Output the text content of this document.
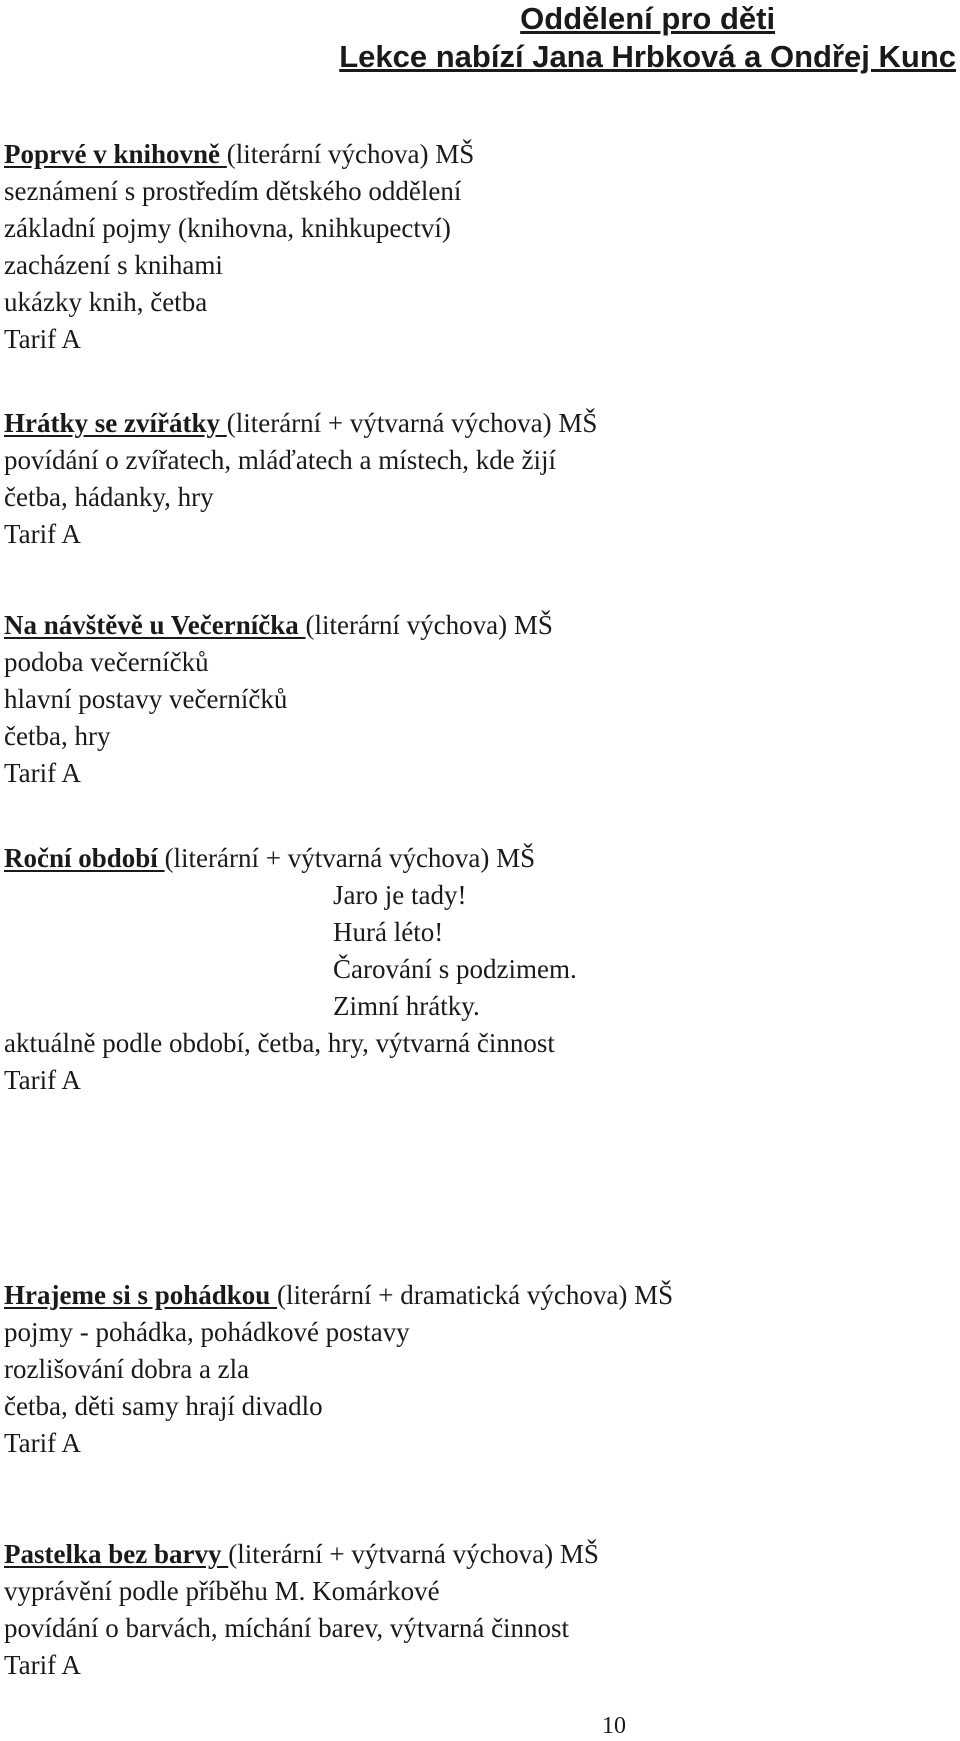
Oddělení pro děti
Lekce nabízí Jana Hrbková a Ondřej Kunc
Poprvé v knihovně (literární výchova) MŠ
seznámení s prostředím dětského oddělení
základní pojmy (knihovna, knihkupectví)
zacházení s knihami
ukázky knih, četba
Tarif A
Hrátky se zvířátky (literární + výtvarná výchova) MŠ
povídání o zvířatech, mláďatech a místech, kde žijí
četba, hádanky, hry
Tarif A
Na návštěvě u Večerníčka (literární výchova) MŠ
podoba večerníčků
hlavní postavy večerníčků
četba, hry
Tarif A
Roční období (literární + výtvarná výchova) MŠ
Jaro je tady!
Hurá léto!
Čarování s podzimem.
Zimní hrátky.
aktuálně podle období, četba, hry, výtvarná činnost
Tarif A
Hrajeme si s pohádkou (literární + dramatická výchova) MŠ
pojmy - pohádka, pohádkové postavy
rozlišování dobra a zla
četba, děti samy hrají divadlo
Tarif A
Pastelka bez barvy (literární + výtvarná výchova) MŠ
vyprávění podle příběhu M. Komárkové
povídání o barvách, míchání barev, výtvarná činnost
Tarif A
10
